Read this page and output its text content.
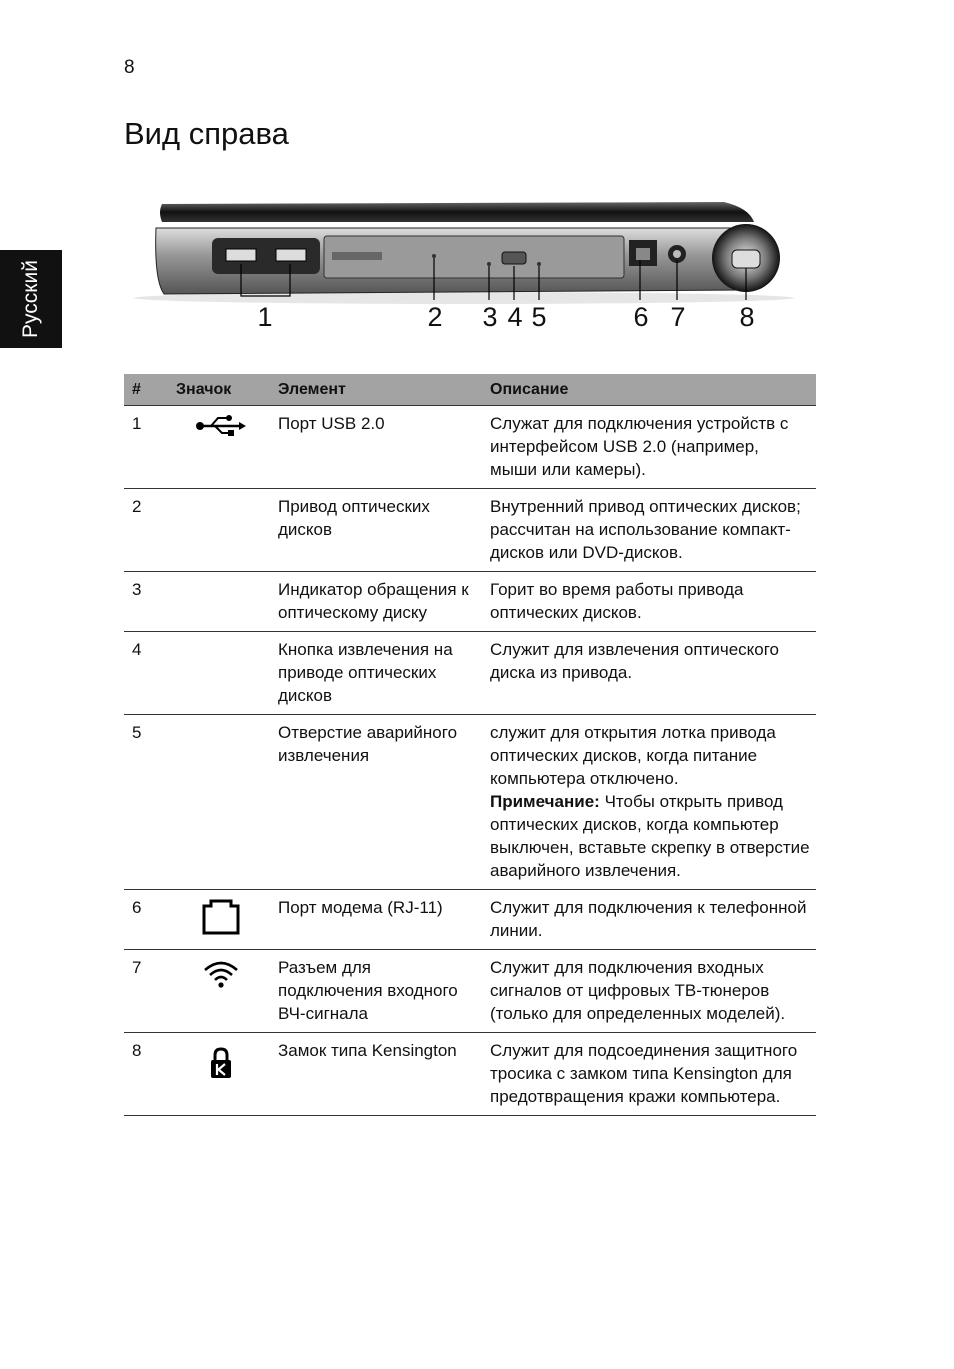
8
Русский
Вид справа
1	2 3 4 5	6 7 8
#	Значок	Элемент	Описание
1		Порт USB 2.0	Служат для подключения устройств с интерфейсом USB 2.0 (например, мыши или камеры).
2		Привод оптических дисков	Внутренний привод оптических дисков; рассчитан на использование компакт-дисков или DVD-дисков.
3		Индикатор обращения к оптическому диску	Горит во время работы привода оптических дисков.
4		Кнопка извлечения на приводе оптических дисков	Служит для извлечения оптического диска из привода.
5		Отверстие аварийного извлечения	служит для открытия лотка привода оптических дисков, когда питание компьютера отключено.
Примечание: Чтобы открыть привод оптических дисков, когда компьютер выключен, вставьте скрепку в отверстие аварийного извлечения.
6		Порт модема (RJ-11)	Служит для подключения к телефонной линии.
7		Разъем для подключения входного ВЧ-сигнала	Служит для подключения входных сигналов от цифровых ТВ-тюнеров (только для определенных моделей).
8		Замок типа Kensington	Служит для подсоединения защитного тросика с замком типа Kensington для предотвращения кражи компьютера.
